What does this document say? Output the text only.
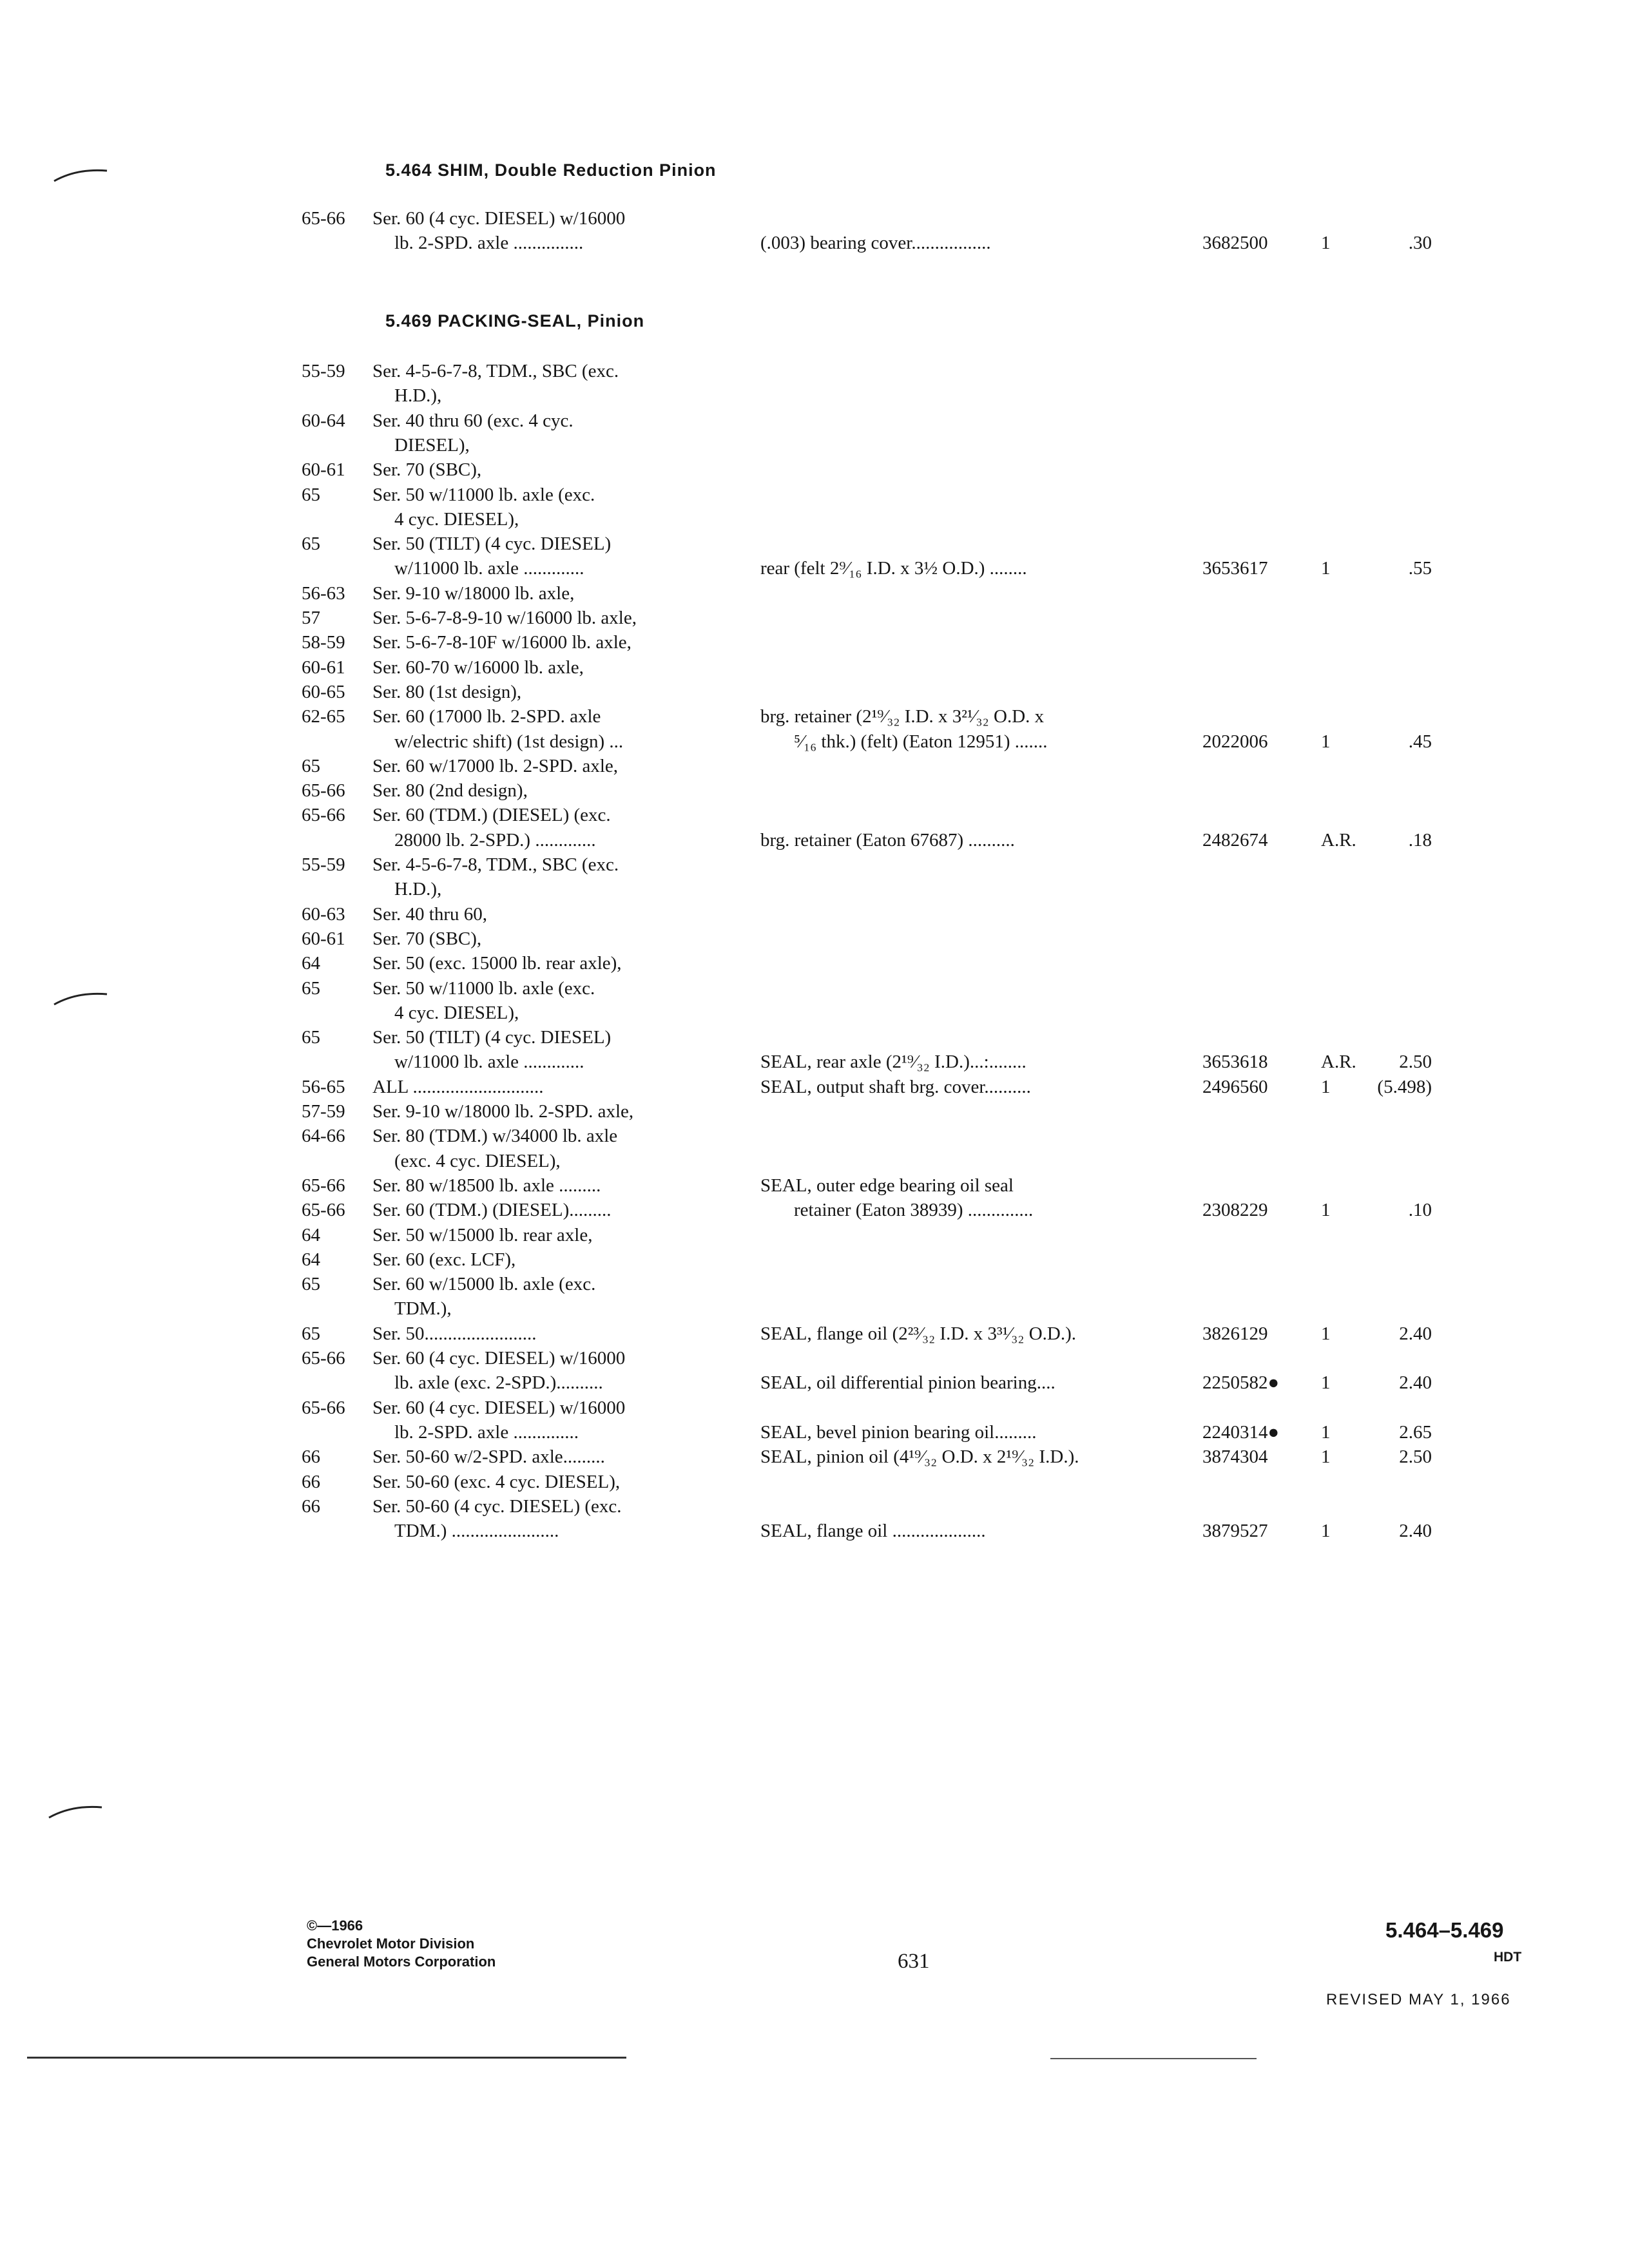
5.464 SHIM, Double Reduction Pinion
65-66 Ser. 60 (4 cyc. DIESEL) w/16000
lb. 2-SPD. axle ...............	(.003) bearing cover.................	3682500	1	.30
5.469 PACKING-SEAL, Pinion
55-59 Ser. 4-5-6-7-8, TDM., SBC (exc.
H.D.),
60-64 Ser. 40 thru 60 (exc. 4 cyc.
DIESEL),
60-61 Ser. 70 (SBC),
65	Ser. 50 w/11000 lb. axle (exc.
4 cyc. DIESEL),
65	Ser. 50 (TILT) (4 cyc. DIESEL)
w/11000 lb. axle .............	rear (felt 2⁹⁄₁₆ I.D. x 3½ O.D.) ........	3653617	1	.55
56-63 Ser. 9-10 w/18000 lb. axle,
57	Ser. 5-6-7-8-9-10 w/16000 lb. axle,
58-59 Ser. 5-6-7-8-10F w/16000 lb. axle,
60-61 Ser. 60-70 w/16000 lb. axle,
60-65 Ser. 80 (1st design),
62-65 Ser. 60 (17000 lb. 2-SPD. axle	brg. retainer (2¹⁹⁄₃₂ I.D. x 3²¹⁄₃₂ O.D. x
w/electric shift) (1st design) ...	⁵⁄₁₆ thk.) (felt) (Eaton 12951) .......	2022006	1	.45
65	Ser. 60 w/17000 lb. 2-SPD. axle,
65-66 Ser. 80 (2nd design),
65-66 Ser. 60 (TDM.) (DIESEL) (exc.
28000 lb. 2-SPD.) .............	brg. retainer (Eaton 67687) ..........	2482674	A.R.	.18
55-59 Ser. 4-5-6-7-8, TDM., SBC (exc.
H.D.),
60-63 Ser. 40 thru 60,
60-61 Ser. 70 (SBC),
64	Ser. 50 (exc. 15000 lb. rear axle),
65	Ser. 50 w/11000 lb. axle (exc.
4 cyc. DIESEL),
65	Ser. 50 (TILT) (4 cyc. DIESEL)
w/11000 lb. axle .............	SEAL, rear axle (2¹⁹⁄₃₂ I.D.)...:........	3653618	A.R.	2.50
56-65 ALL ............................	SEAL, output shaft brg. cover..........	2496560	1	(5.498)
57-59 Ser. 9-10 w/18000 lb. 2-SPD. axle,
64-66 Ser. 80 (TDM.) w/34000 lb. axle
(exc. 4 cyc. DIESEL),
65-66 Ser. 80 w/18500 lb. axle .........	SEAL, outer edge bearing oil seal
65-66 Ser. 60 (TDM.) (DIESEL).........	retainer (Eaton 38939) ..............	2308229	1	.10
64	Ser. 50 w/15000 lb. rear axle,
64	Ser. 60 (exc. LCF),
65	Ser. 60 w/15000 lb. axle (exc.
TDM.),
65	Ser. 50........................	SEAL, flange oil (2²³⁄₃₂ I.D. x 3³¹⁄₃₂ O.D.).	3826129	1	2.40
65-66 Ser. 60 (4 cyc. DIESEL) w/16000
lb. axle (exc. 2-SPD.)..........	SEAL, oil differential pinion bearing....	2250582● 1	2.40
65-66 Ser. 60 (4 cyc. DIESEL) w/16000
lb. 2-SPD. axle ..............	SEAL, bevel pinion bearing oil.........	2240314● 1	2.65
66	Ser. 50-60 w/2-SPD. axle.........	SEAL, pinion oil (4¹⁹⁄₃₂ O.D. x 2¹⁹⁄₃₂ I.D.).	3874304	1	2.50
66	Ser. 50-60 (exc. 4 cyc. DIESEL),
66	Ser. 50-60 (4 cyc. DIESEL) (exc.
TDM.) .......................	SEAL, flange oil ....................	3879527	1	2.40
©—1966
Chevrolet Motor Division
General Motors Corporation	631
5.464–5.469
HDT
REVISED MAY 1, 1966
